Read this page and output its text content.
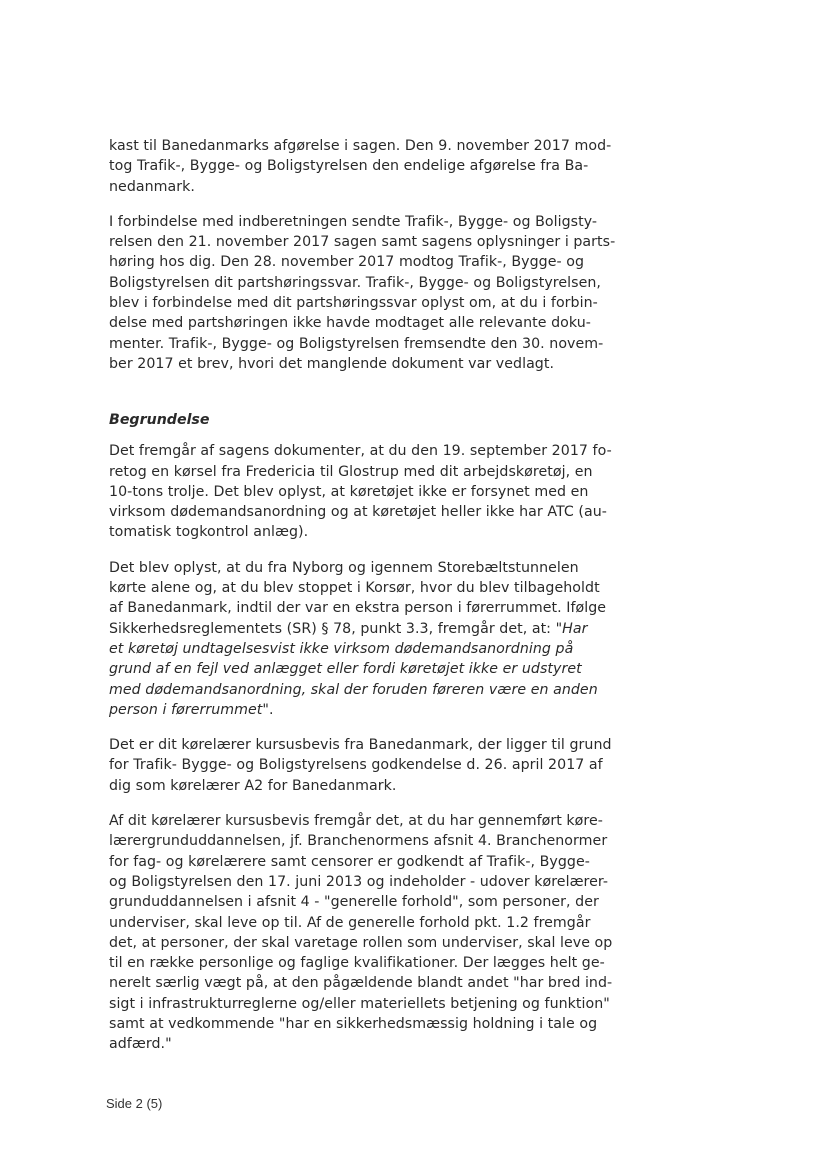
kast til Banedanmarks afgørelse i sagen. Den 9. november 2017 mod-
tog Trafik-, Bygge- og Boligstyrelsen den endelige afgørelse fra Ba-
nedanmark.

I forbindelse med indberetningen sendte Trafik-, Bygge- og Boligsty-
relsen den 21. november 2017 sagen samt sagens oplysninger i parts-
høring hos dig. Den 28. november 2017 modtog Trafik-, Bygge- og
Boligstyrelsen dit partshøringssvar. Trafik-, Bygge- og Boligstyrelsen,
blev i forbindelse med dit partshøringssvar oplyst om, at du i forbin-
delse med partshøringen ikke havde modtaget alle relevante doku-
menter. Trafik-, Bygge- og Boligstyrelsen fremsendte den 30. novem-
ber 2017 et brev, hvori det manglende dokument var vedlagt.

Begrundelse

Det fremgår af sagens dokumenter, at du den 19. september 2017 fo-
retog en kørsel fra Fredericia til Glostrup med dit arbejdskøretøj, en
10-tons trolje. Det blev oplyst, at køretøjet ikke er forsynet med en
virksom dødemandsanordning og at køretøjet heller ikke har ATC (au-
tomatisk togkontrol anlæg).

Det blev oplyst, at du fra Nyborg og igennem Storebæltstunnelen
kørte alene og, at du blev stoppet i Korsør, hvor du blev tilbageholdt
af Banedanmark, indtil der var en ekstra person i førerrummet. Ifølge
Sikkerhedsreglementets (SR) § 78, punkt 3.3, fremgår det, at: "Har
et køretøj undtagelsesvist ikke virksom dødemandsanordning på
grund af en fejl ved anlægget eller fordi køretøjet ikke er udstyret
med dødemandsanordning, skal der foruden føreren være en anden
person i førerrummet".

Det er dit kørelærer kursusbevis fra Banedanmark, der ligger til grund
for Trafik- Bygge- og Boligstyrelsens godkendelse d. 26. april 2017 af
dig som kørelærer A2 for Banedanmark.

Af dit kørelærer kursusbevis fremgår det, at du har gennemført køre-
lærergrunduddannelsen, jf. Branchenormens afsnit 4. Branchenormer
for fag- og kørelærere samt censorer er godkendt af Trafik-, Bygge-
og Boligstyrelsen den 17. juni 2013 og indeholder - udover kørelærer-
grunduddannelsen i afsnit 4 - "generelle forhold", som personer, der
underviser, skal leve op til. Af de generelle forhold pkt. 1.2 fremgår
det, at personer, der skal varetage rollen som underviser, skal leve op
til en række personlige og faglige kvalifikationer. Der lægges helt ge-
nerelt særlig vægt på, at den pågældende blandt andet "har bred ind-
sigt i infrastrukturreglerne og/eller materiellets betjening og funktion"
samt at vedkommende "har en sikkerhedsmæssig holdning i tale og
adfærd."

Side 2 (5)
